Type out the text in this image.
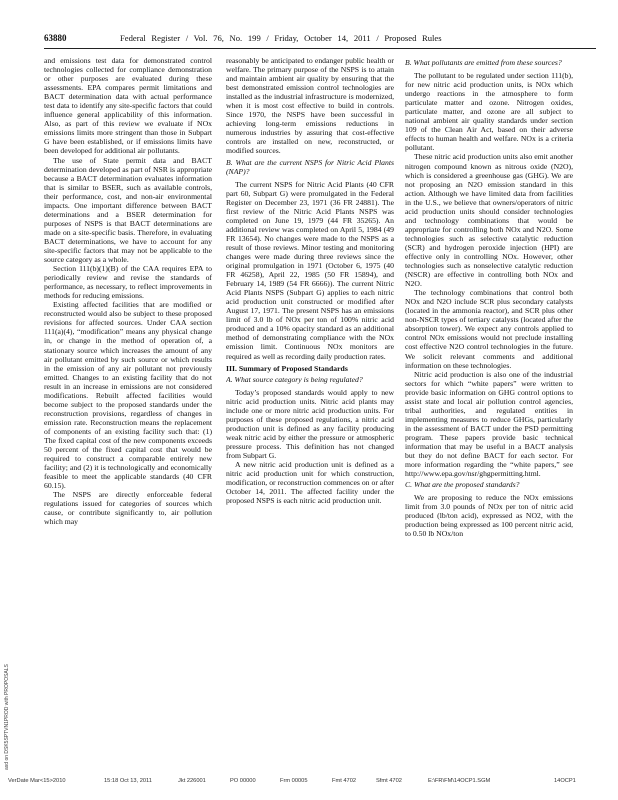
63880	Federal Register / Vol. 76, No. 199 / Friday, October 14, 2011 / Proposed Rules

and emissions test data for demonstrated control technologies collected for compliance demonstration or other purposes are evaluated during these assessments. EPA compares permit limitations and BACT determination data with actual performance test data to identify any site-specific factors that could influence general applicability of this information. Also, as part of this review we evaluate if NOx emissions limits more stringent than those in Subpart G have been established, or if emissions limits have been developed for additional air pollutants.

The use of State permit data and BACT determination developed as part of NSR is appropriate because a BACT determination evaluates information that is similar to BSER, such as available controls, their performance, cost, and non-air environmental impacts. One important difference between BACT determinations and a BSER determination for purposes of NSPS is that BACT determinations are made on a site-specific basis. Therefore, in evaluating BACT determinations, we have to account for any site-specific factors that may not be applicable to the source category as a whole.

Section 111(b)(1)(B) of the CAA requires EPA to periodically review and revise the standards of performance, as necessary, to reflect improvements in methods for reducing emissions.

Existing affected facilities that are modified or reconstructed would also be subject to these proposed revisions for affected sources. Under CAA section 111(a)(4), “modification” means any physical change in, or change in the method of operation of, a stationary source which increases the amount of any air pollutant emitted by such source or which results in the emission of any air pollutant not previously emitted. Changes to an existing facility that do not result in an increase in emissions are not considered modifications. Rebuilt affected facilities would become subject to the proposed standards under the reconstruction provisions, regardless of changes in emission rate. Reconstruction means the replacement of components of an existing facility such that: (1) The fixed capital cost of the new components exceeds 50 percent of the fixed capital cost that would be required to construct a comparable entirely new facility; and (2) it is technologically and economically feasible to meet the applicable standards (40 CFR 60.15).

The NSPS are directly enforceable federal regulations issued for categories of sources which cause, or contribute significantly to, air pollution which may

reasonably be anticipated to endanger public health or welfare. The primary purpose of the NSPS is to attain and maintain ambient air quality by ensuring that the best demonstrated emission control technologies are installed as the industrial infrastructure is modernized, when it is most cost effective to build in controls. Since 1970, the NSPS have been successful in achieving long-term emissions reductions in numerous industries by assuring that cost-effective controls are installed on new, reconstructed, or modified sources.

B. What are the current NSPS for Nitric Acid Plants (NAP)?

The current NSPS for Nitric Acid Plants (40 CFR part 60, Subpart G) were promulgated in the Federal Register on December 23, 1971 (36 FR 24881). The first review of the Nitric Acid Plants NSPS was completed on June 19, 1979 (44 FR 35265). An additional review was completed on April 5, 1984 (49 FR 13654). No changes were made to the NSPS as a result of those reviews. Minor testing and monitoring changes were made during three reviews since the original promulgation in 1971 (October 6, 1975 (40 FR 46258), April 22, 1985 (50 FR 15894), and February 14, 1989 (54 FR 6666)). The current Nitric Acid Plants NSPS (Subpart G) applies to each nitric acid production unit constructed or modified after August 17, 1971. The present NSPS has an emissions limit of 3.0 lb of NOx per ton of 100% nitric acid produced and a 10% opacity standard as an additional method of demonstrating compliance with the NOx emission limit. Continuous NOx monitors are required as well as recording daily production rates.

III. Summary of Proposed Standards

A. What source category is being regulated?

Today’s proposed standards would apply to new nitric acid production units. Nitric acid plants may include one or more nitric acid production units. For purposes of these proposed regulations, a nitric acid production unit is defined as any facility producing weak nitric acid by either the pressure or atmospheric pressure process. This definition has not changed from Subpart G.

A new nitric acid production unit is defined as a nitric acid production unit for which construction, modification, or reconstruction commences on or after October 14, 2011. The affected facility under the proposed NSPS is each nitric acid production unit.

B. What pollutants are emitted from these sources?

The pollutant to be regulated under section 111(b), for new nitric acid production units, is NOx which undergo reactions in the atmosphere to form particulate matter and ozone. Nitrogen oxides, particulate matter, and ozone are all subject to national ambient air quality standards under section 109 of the Clean Air Act, based on their adverse effects to human health and welfare. NOx is a criteria pollutant.

These nitric acid production units also emit another nitrogen compound known as nitrous oxide (N2O), which is considered a greenhouse gas (GHG). We are not proposing an N2O emission standard in this action. Although we have limited data from facilities in the U.S., we believe that owners/operators of nitric acid production units should consider technologies and technology combinations that would be appropriate for controlling both NOx and N2O. Some technologies such as selective catalytic reduction (SCR) and hydrogen peroxide injection (HPI) are effective only in controlling NOx. However, other technologies such as nonselective catalytic reduction (NSCR) are effective in controlling both NOx and N2O.

The technology combinations that control both NOx and N2O include SCR plus secondary catalysts (located in the ammonia reactor), and SCR plus other non-NSCR types of tertiary catalysts (located after the absorption tower). We expect any controls applied to control NOx emissions would not preclude installing cost effective N2O control technologies in the future. We solicit relevant comments and additional information on these technologies.

Nitric acid production is also one of the industrial sectors for which “white papers” were written to provide basic information on GHG control options to assist state and local air pollution control agencies, tribal authorities, and regulated entities in implementing measures to reduce GHGs, particularly in the assessment of BACT under the PSD permitting program. These papers provide basic technical information that may be useful in a BACT analysis but they do not define BACT for each sector. For more information regarding the “white papers,” see http://www.epa.gov/nsr/ghgpermitting.html.

C. What are the proposed standards?

We are proposing to reduce the NOx emissions limit from 3.0 pounds of NOx per ton of nitric acid produced (lb/ton acid), expressed as NO2, with the production being expressed as 100 percent nitric acid, to 0.50 lb NOx/ton

asd on DSK5SPTVN1PROD with PROPOSALS
VerDate Mar<15>2010	15:18 Oct 13, 2011	Jkt 226001	PO 00000	Frm 00005	Fmt 4702	Sfmt 4702	E:\FR\FM\14OCP1.SGM	14OCP1
